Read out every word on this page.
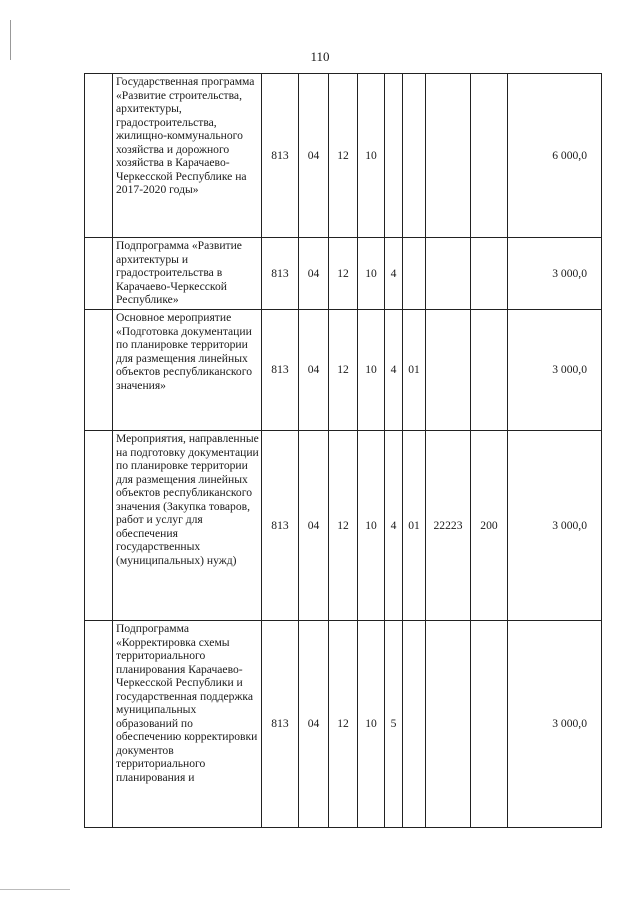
110
	Государственная программа «Развитие строительства, архитектуры, градостроительства, жилищно-коммунального хозяйства и дорожного хозяйства в Карачаево-Черкесской Республике на 2017-2020 годы»	813	04	12	10					6 000,0
	Подпрограмма «Развитие архитектуры и градостроительства в Карачаево-Черкесской Республике»	813	04	12	10	4				3 000,0
	Основное мероприятие «Подготовка документации по планировке территории для размещения линейных объектов республиканского значения»	813	04	12	10	4	01			3 000,0
	Мероприятия, направленные на подготовку документации по планировке территории для размещения линейных объектов республиканского значения (Закупка товаров, работ и услуг для обеспечения государственных (муниципальных) нужд)	813	04	12	10	4	01	22223	200	3 000,0
	Подпрограмма «Корректировка схемы территориального планирования Карачаево-Черкесской Республики и государственная поддержка муниципальных образований по обеспечению корректировки документов территориального планирования и	813	04	12	10	5				3 000,0
